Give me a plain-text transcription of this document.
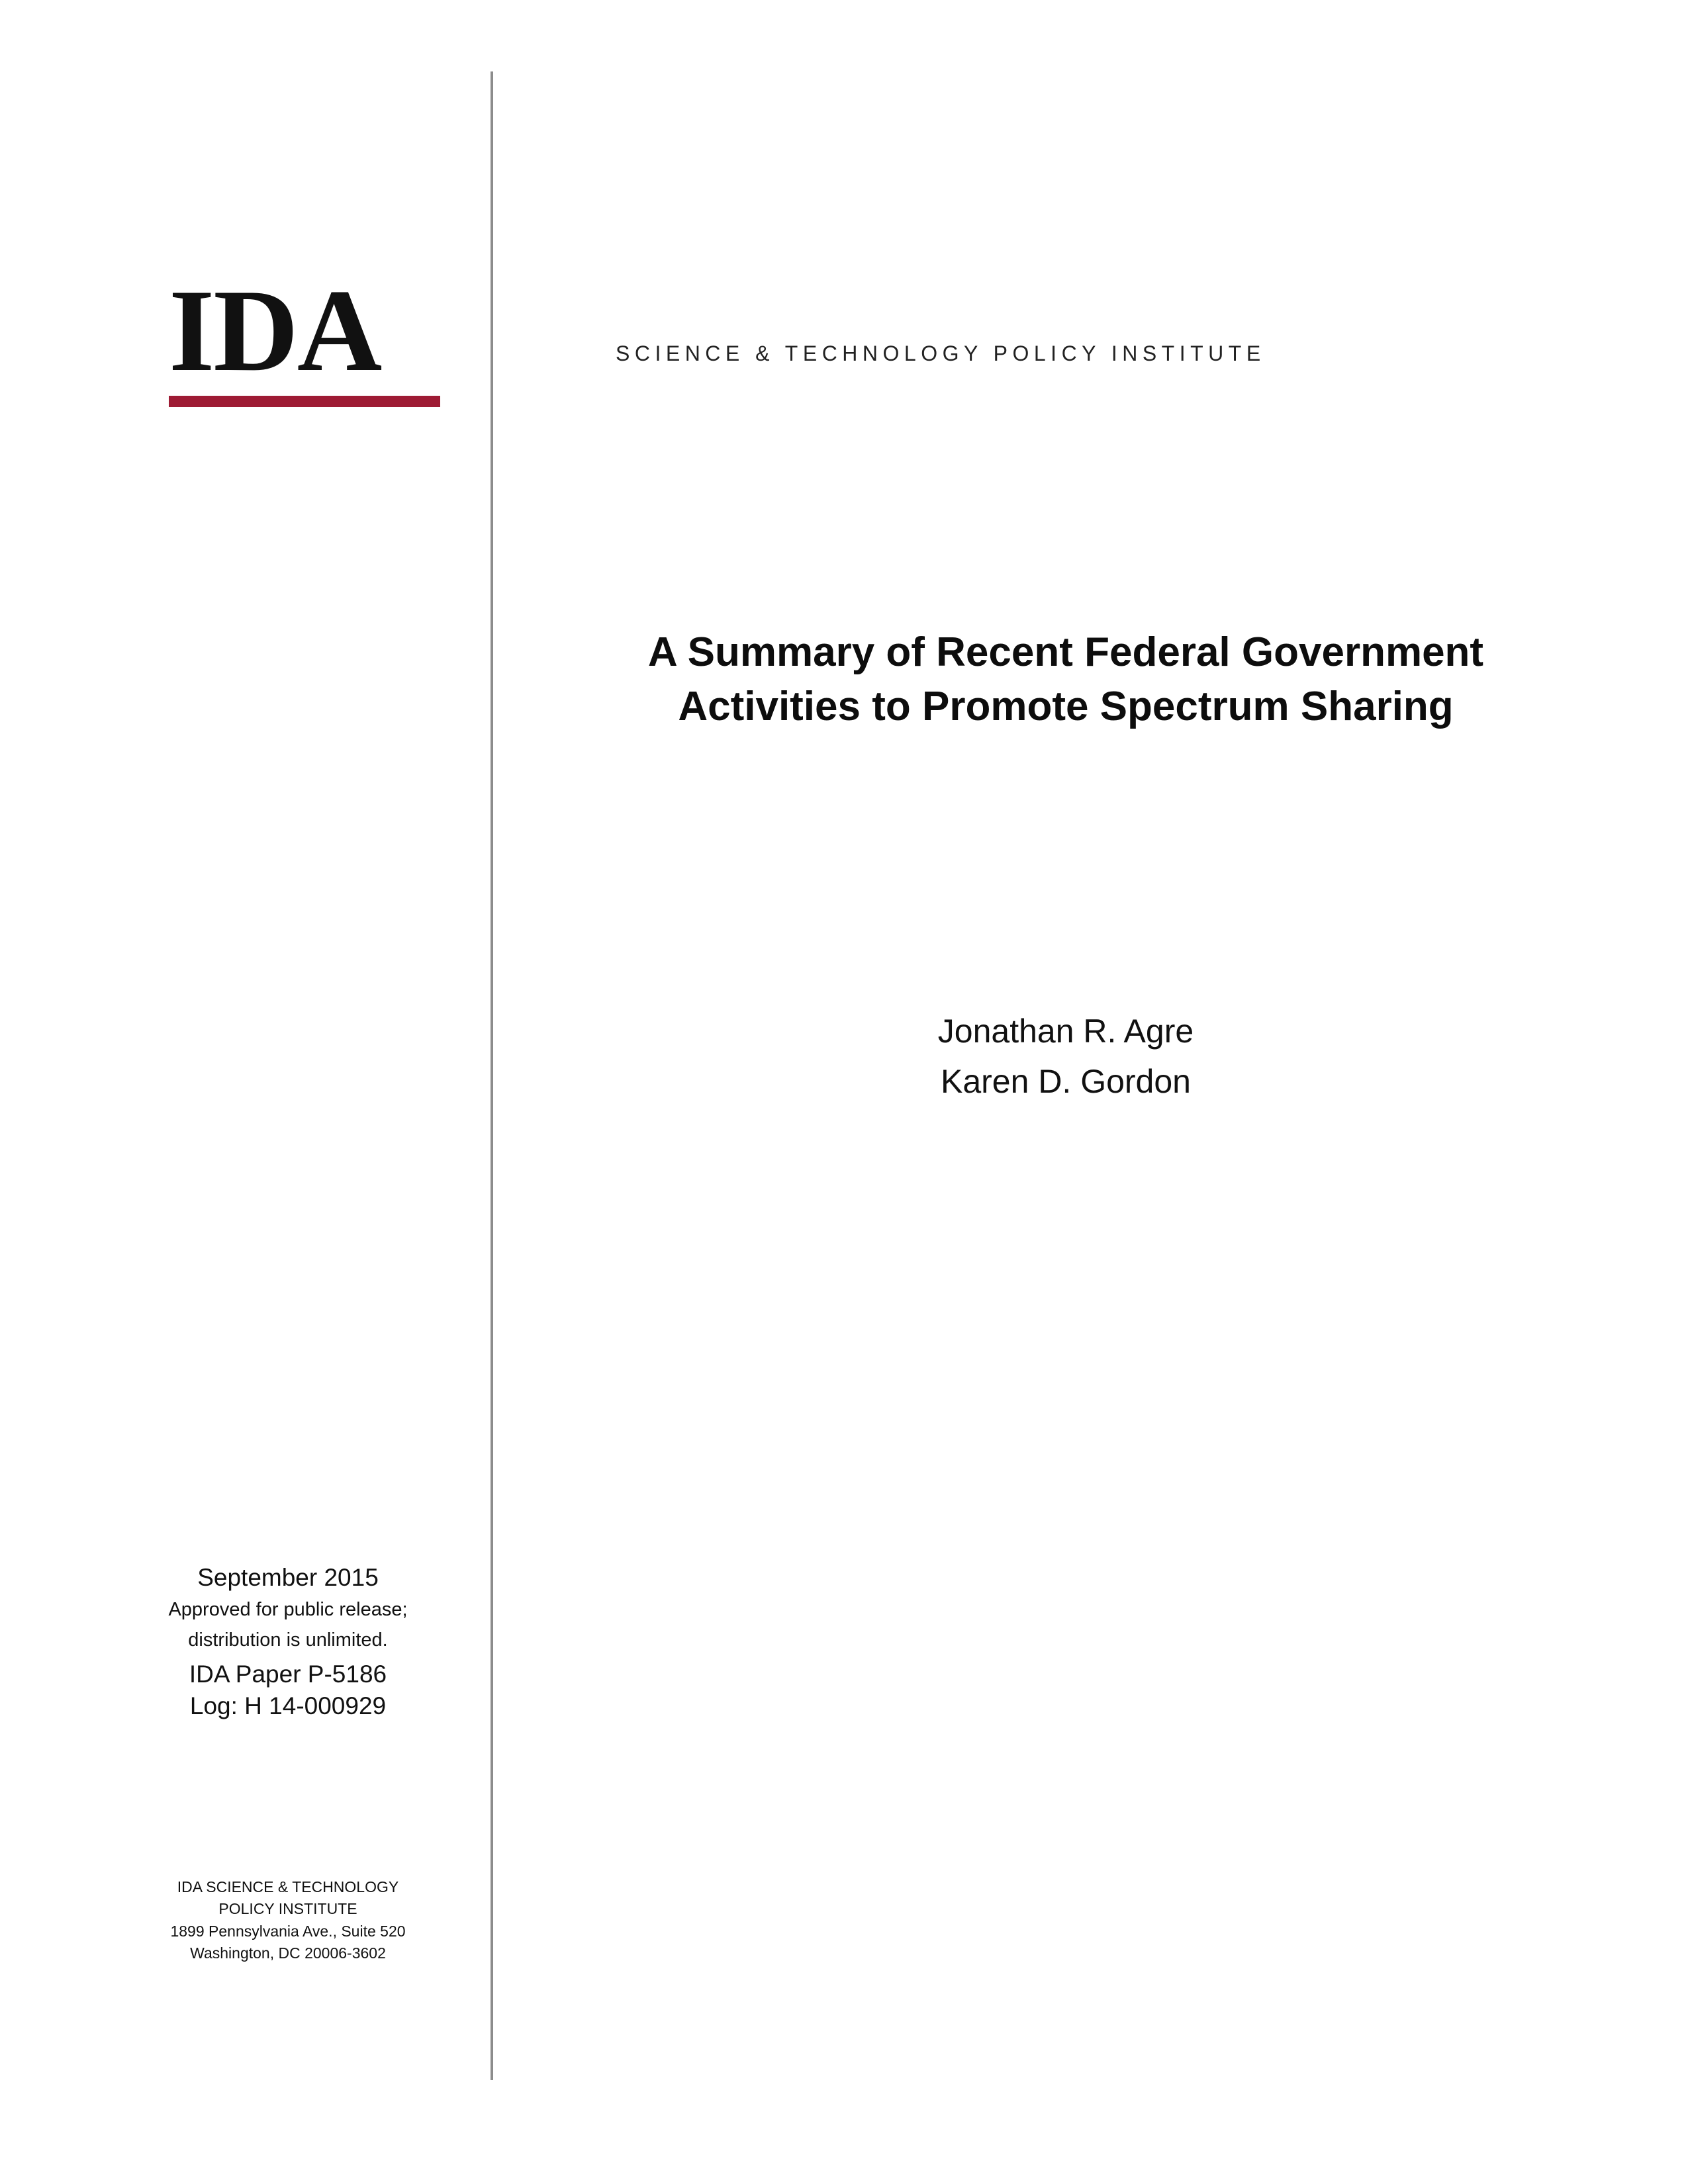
IDA	SCIENCE & TECHNOLOGY POLICY INSTITUTE
A Summary of Recent Federal Government
Activities to Promote Spectrum Sharing
Jonathan R. Agre
Karen D. Gordon
September 2015
Approved for public release;
distribution is unlimited.
IDA Paper P-5186
Log: H 14-000929
IDA SCIENCE & TECHNOLOGY
POLICY INSTITUTE
1899 Pennsylvania Ave., Suite 520
Washington, DC 20006-3602
